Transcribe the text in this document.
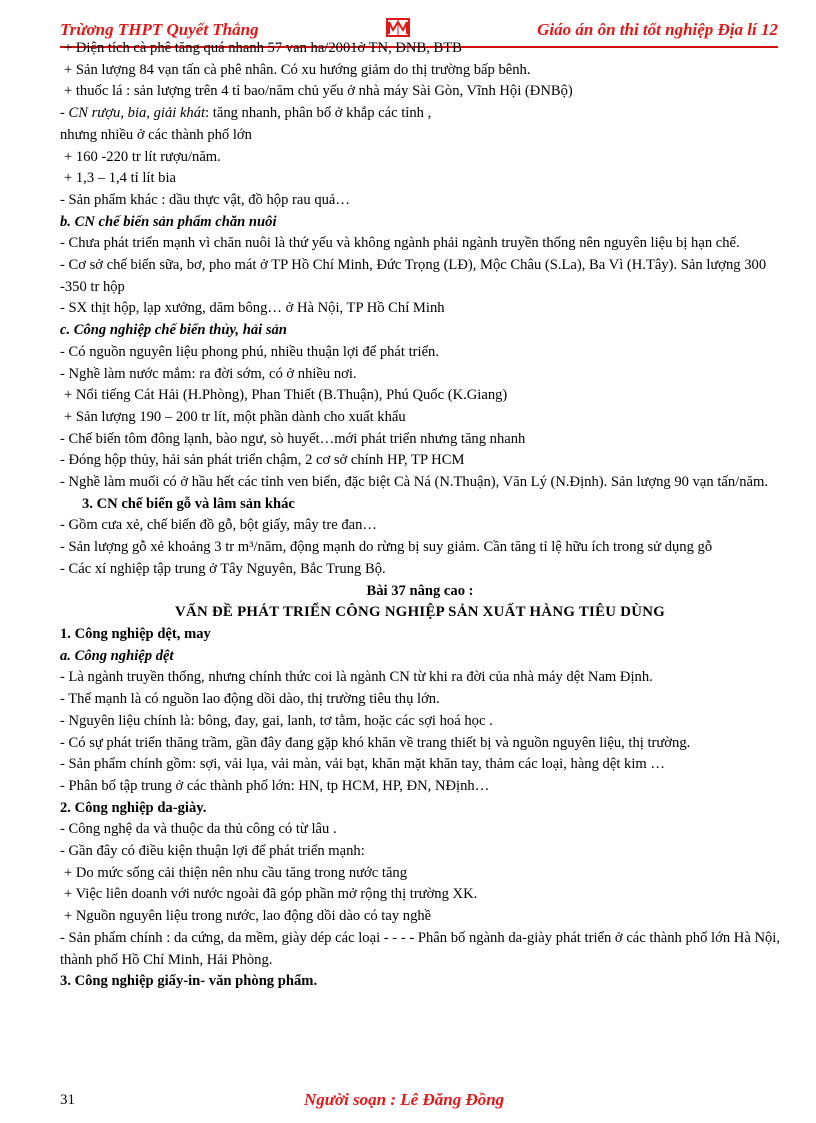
Trừơng THPT Quyết Thắng	Giáo án ôn thi tốt nghiệp Địa lí 12
+ Diện tích cà phê tăng quá nhanh 57 van ha/2001ở TN, ĐNB, BTB
+ Sản lượng 84 vạn tấn cà phê nhân. Có xu hướng giảm do thị trường bấp bênh.
+ thuốc lá : sản lượng trên 4 tỉ bao/năm chủ yếu ở nhà máy Sài Gòn, Vĩnh Hội (ĐNBộ)
- CN rượu, bia, giải khát: tăng nhanh, phân bố ở khắp các tỉnh ,
nhưng nhiều ở các thành phố lớn
+ 160 -220 tr lít rượu/năm.
+ 1,3 – 1,4 tỉ lít bia
- Sản phẩm khác : dầu thực vật, đồ hộp rau quả…
b. CN chế biến sản phẩm chăn nuôi
- Chưa phát triển mạnh vì chăn nuôi là thứ yếu và không ngành phải ngành truyền thống nên nguyên liệu bị hạn chế.
- Cơ sở chế biến sữa, bơ, pho mát ở TP Hồ Chí Minh, Đức Trọng (LĐ), Mộc Châu (S.La), Ba Vì (H.Tây). Sản lượng 300 -350 tr hộp
- SX thịt hộp, lạp xưởng, dăm bông… ở Hà Nội, TP Hồ Chí Minh
c. Công nghiệp chế biến thủy, hải sản
- Có nguồn nguyên liệu phong phú, nhiều thuận lợi để phát triển.
- Nghề làm nước mắm: ra đời sớm, có ở nhiều nơi.
+ Nổi tiếng Cát Hải (H.Phòng), Phan Thiết (B.Thuận), Phú Quốc (K.Giang)
+ Sản lượng 190 – 200 tr lít, một phần dành cho xuất khẩu
- Chế biến tôm đông lạnh, bào ngư, sò huyết…mới phát triển nhưng tăng nhanh
- Đóng hộp thủy, hải sản phát triển chậm, 2 cơ sở chính HP, TP HCM
- Nghề làm muối có ở hầu hết các tỉnh ven biển, đặc biệt Cà Ná (N.Thuận), Văn Lý (N.Định). Sản lượng 90 vạn tấn/năm.
3. CN chế biến gỗ và lâm sản khác
- Gồm cưa xẻ, chế biến đồ gỗ, bột giấy, mây tre đan…
- Sản lượng gỗ xẻ khoảng 3 tr m³/năm, động mạnh do rừng bị suy giảm. Cần tăng tỉ lệ hữu ích trong sử dụng gỗ
- Các xí nghiệp tập trung ở Tây Nguyên, Bắc Trung Bộ.
Bài 37 nâng cao :
VẤN ĐỀ PHÁT TRIỂN CÔNG NGHIỆP SẢN XUẤT HÀNG TIÊU DÙNG
1. Công nghiệp dệt, may
a. Công nghiệp dệt
- Là ngành truyền thống, nhưng chính thức coi là ngành CN từ khi ra đời của nhà máy dệt Nam Định.
- Thế mạnh là có nguồn lao động dồi dào, thị trường tiêu thụ lớn.
- Nguyên liệu chính là: bông, đay, gai, lanh, tơ tằm, hoặc các sợi hoá học .
- Có sự phát triển thăng trầm, gần đây đang gặp khó khăn về trang thiết bị và nguồn nguyên liệu, thị trường.
- Sản phẩm chính gồm: sợi, vải lụa, vải màn, vải bạt, khăn mặt khăn tay, thảm các loại, hàng dệt kim …
- Phân bố tập trung ở các thành phố lớn: HN, tp HCM, HP, ĐN, NĐịnh…
2. Công nghiệp da-giày.
- Công nghệ da và thuộc da thủ công có từ lâu .
- Gần đây có điều kiện thuận lợi để phát triển mạnh:
+ Do mức sống cải thiện nên nhu cầu tăng trong nước tăng
+ Việc liên doanh với nước ngoài đã góp phần mở rộng thị trường XK.
+ Nguồn nguyên liệu trong nước, lao động dồi dào có tay nghề
- Sản phẩm chính : da cứng, da mềm, giày dép các loại - - - - Phân bố ngành da-giày phát triển ở các thành phố lớn Hà Nội, thành phố Hồ Chí Minh, Hải Phòng.
3. Công nghiệp giấy-in- văn phòng phẩm.
31	Người soạn : Lê Đăng Đồng
